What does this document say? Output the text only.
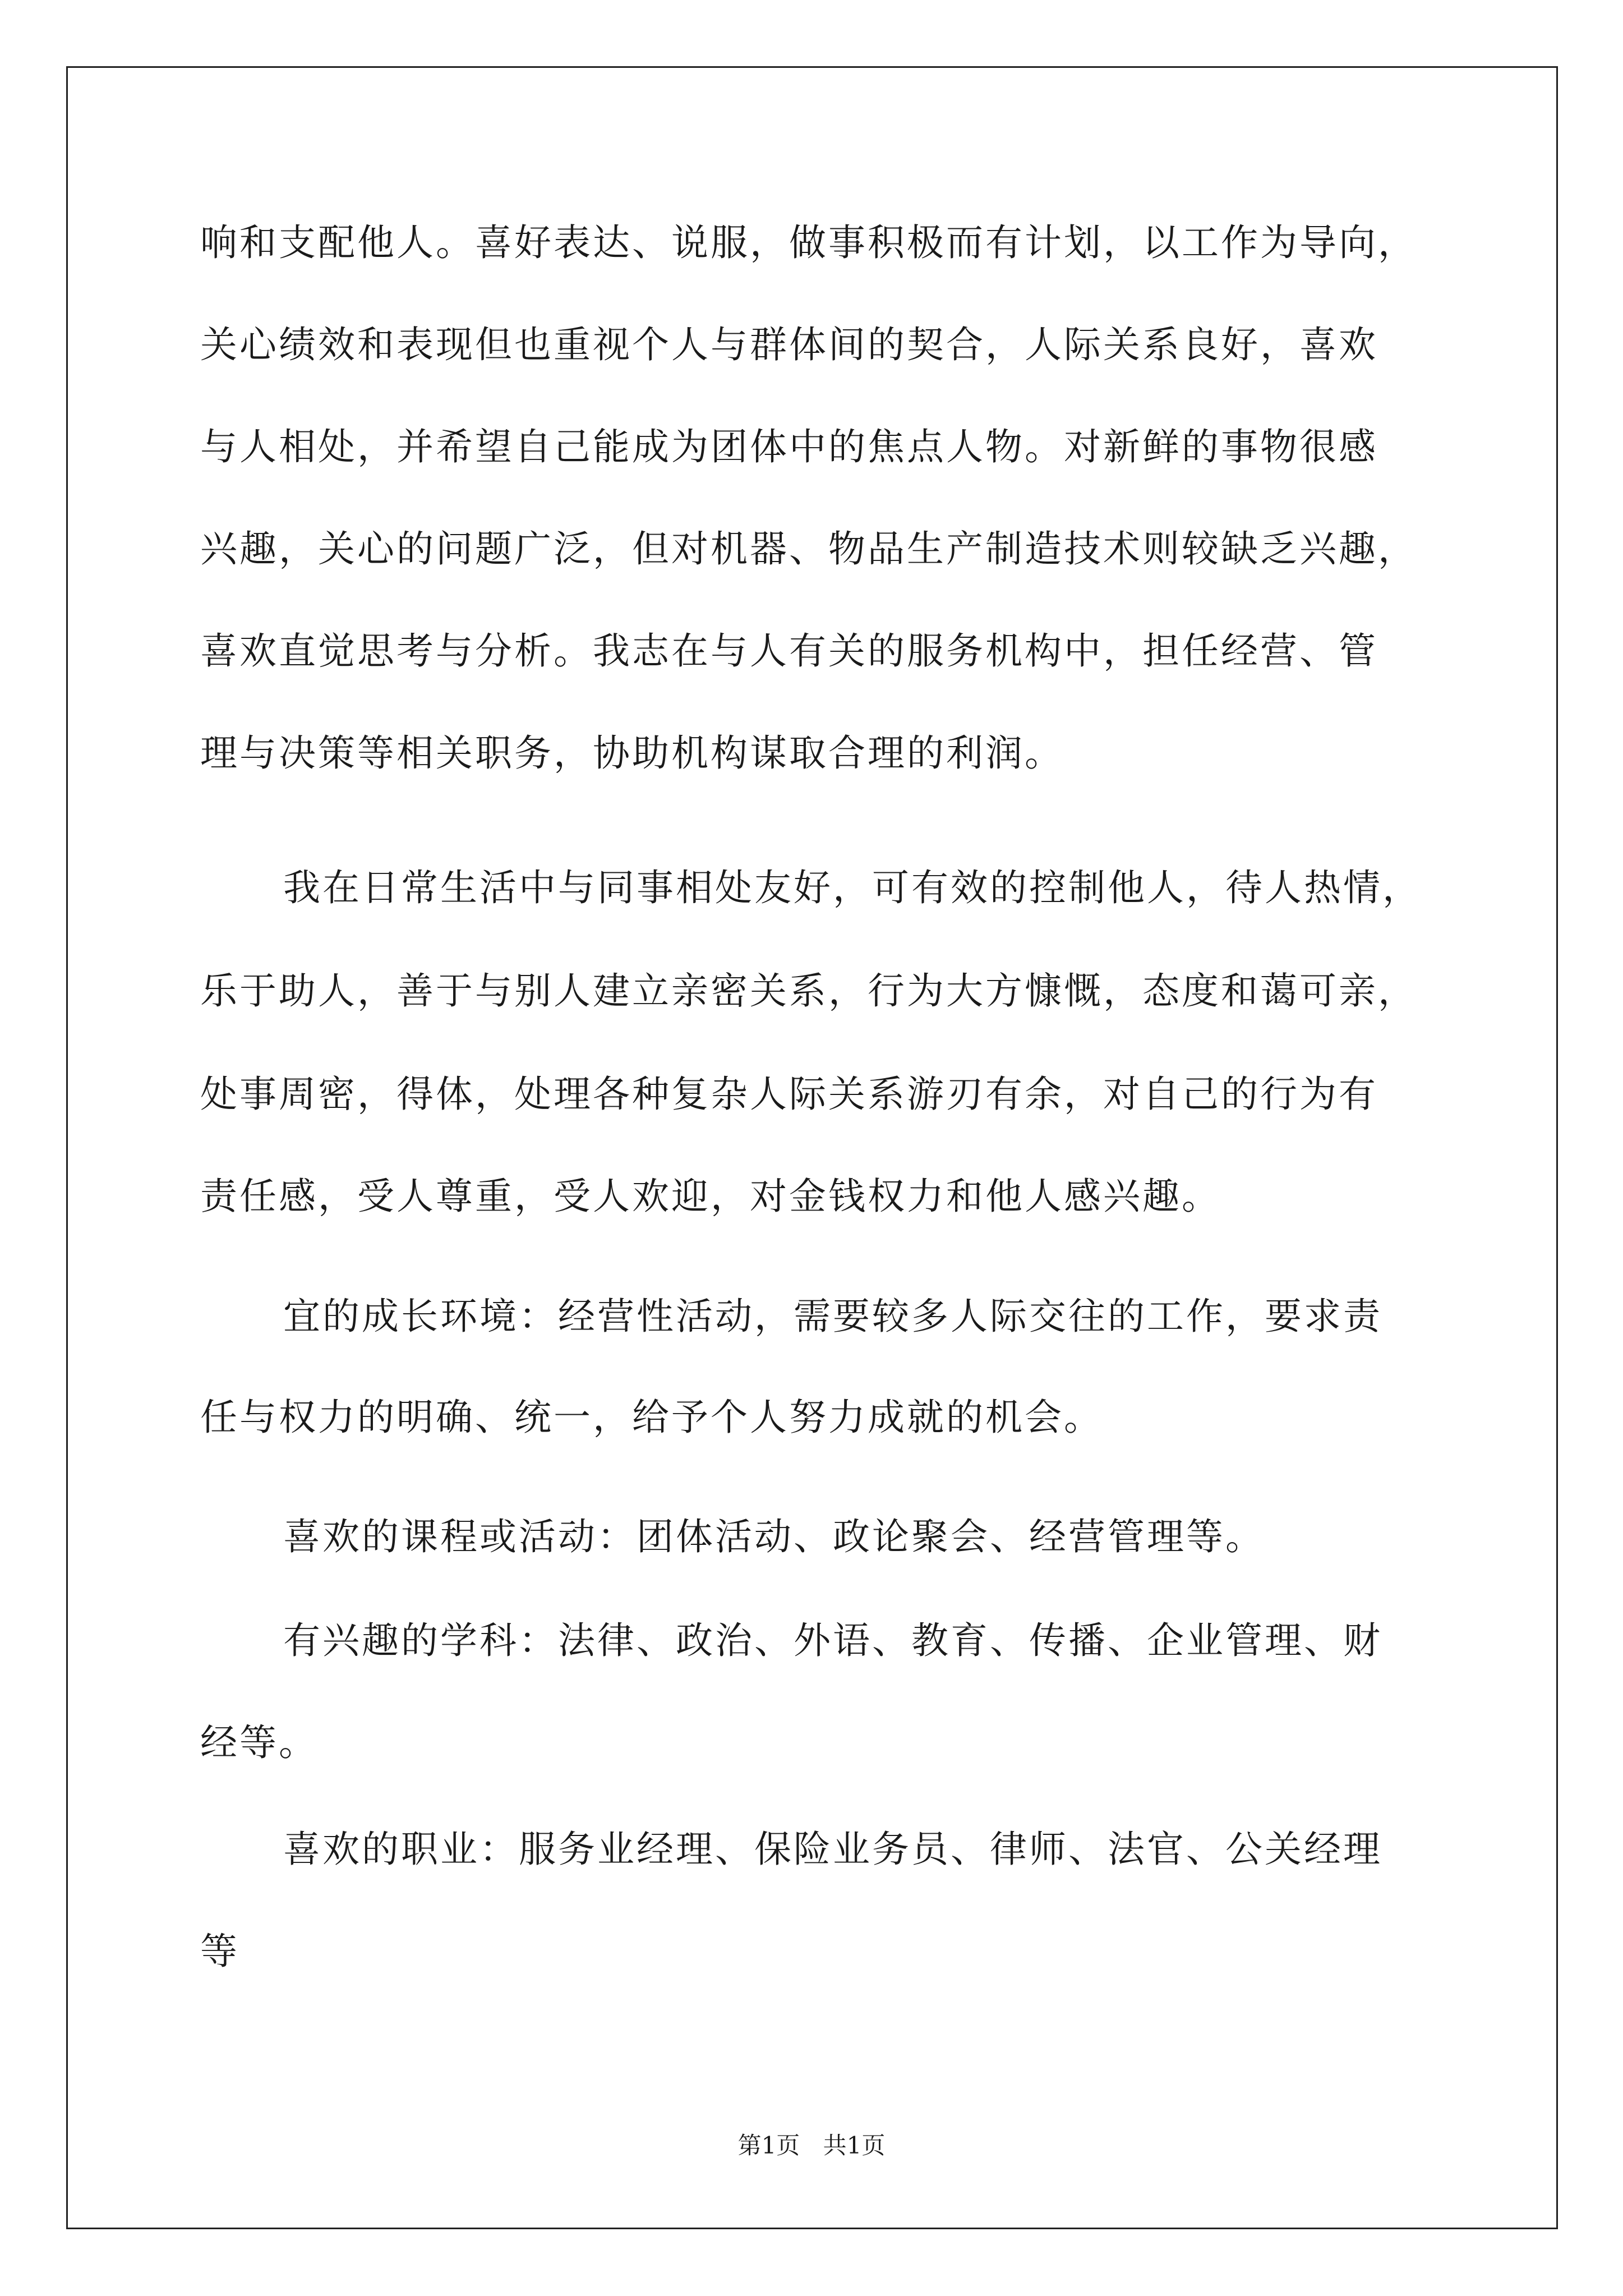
响和支配他人。喜好表达、说服，做事积极而有计划，以工作为导向，
关心绩效和表现但也重视个人与群体间的契合，人际关系良好，喜欢
与人相处，并希望自己能成为团体中的焦点人物。对新鲜的事物很感
兴趣，关心的问题广泛，但对机器、物品生产制造技术则较缺乏兴趣，
喜欢直觉思考与分析。我志在与人有关的服务机构中，担任经营、管
理与决策等相关职务，协助机构谋取合理的利润。
我在日常生活中与同事相处友好，可有效的控制他人，待人热情，
乐于助人，善于与别人建立亲密关系，行为大方慷慨，态度和蔼可亲，
处事周密，得体，处理各种复杂人际关系游刃有余，对自己的行为有
责任感，受人尊重，受人欢迎，对金钱权力和他人感兴趣。
宜的成长环境：经营性活动，需要较多人际交往的工作，要求责
任与权力的明确、统一，给予个人努力成就的机会。
喜欢的课程或活动：团体活动、政论聚会、经营管理等。
有兴趣的学科：法律、政治、外语、教育、传播、企业管理、财
经等。
喜欢的职业：服务业经理、保险业务员、律师、法官、公关经理
等
第1页 共1页
